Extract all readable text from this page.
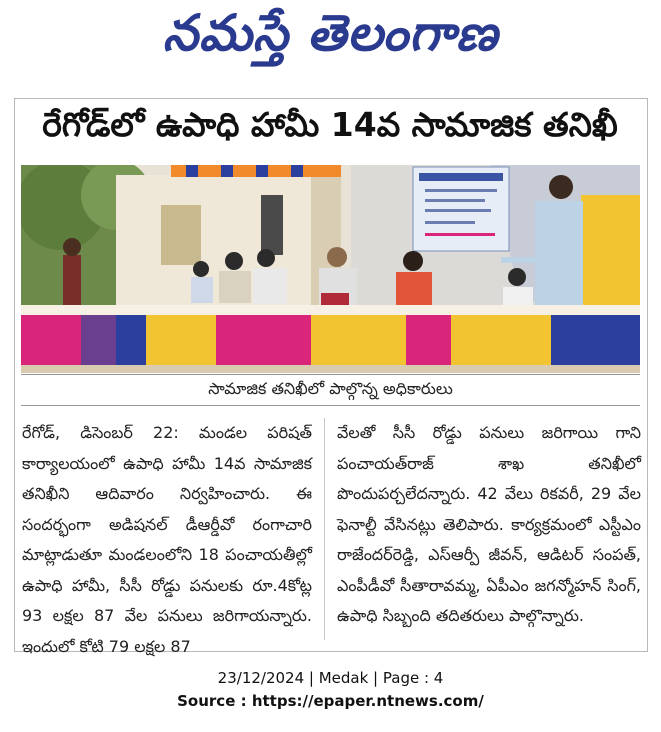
నమస్తే తెలంగాణ
రేగోడ్‌లో ఉపాధి హామీ 14వ సామాజిక తనిఖీ
సామాజిక తనిఖీలో పాల్గొన్న అధికారులు

రేగోడ్, డిసెంబర్ 22: మండల పరిషత్ కార్యాలయంలో ఉపాధి హామీ 14వ సామాజిక తనిఖీని ఆదివారం నిర్వహించారు. ఈ సందర్భంగా అడిషనల్ డీఆర్డీవో రంగాచారి మాట్లాడుతూ మండలంలోని 18 పంచాయతీల్లో ఉపాధి హామీ, సీసీ రోడ్డు పనులకు రూ.4కోట్ల 93 లక్షల 87 వేల పనులు జరిగాయన్నారు. ఇందులో కోటి 79 లక్షల 87

వేలతో సీసీ రోడ్డు పనులు జరిగాయి గాని పంచాయత్‌రాజ్ శాఖ తనిఖీలో పొందుపర్చలేదన్నారు. 42 వేలు రికవరీ, 29 వేల ఫెనాల్టీ వేసినట్లు తెలిపారు. కార్యక్రమంలో ఎస్టీఎం రాజేందర్‌రెడ్డి, ఎస్‌ఆర్పీ జీవన్, ఆడిటర్ సంపత్, ఎంపీడీవో సీతారావమ్మ, ఏపీఎం జగన్మోహన్ సింగ్, ఉపాధి సిబ్బంది తదితరులు పాల్గొన్నారు.

23/12/2024 | Medak | Page : 4
Source : https://epaper.ntnews.com/
